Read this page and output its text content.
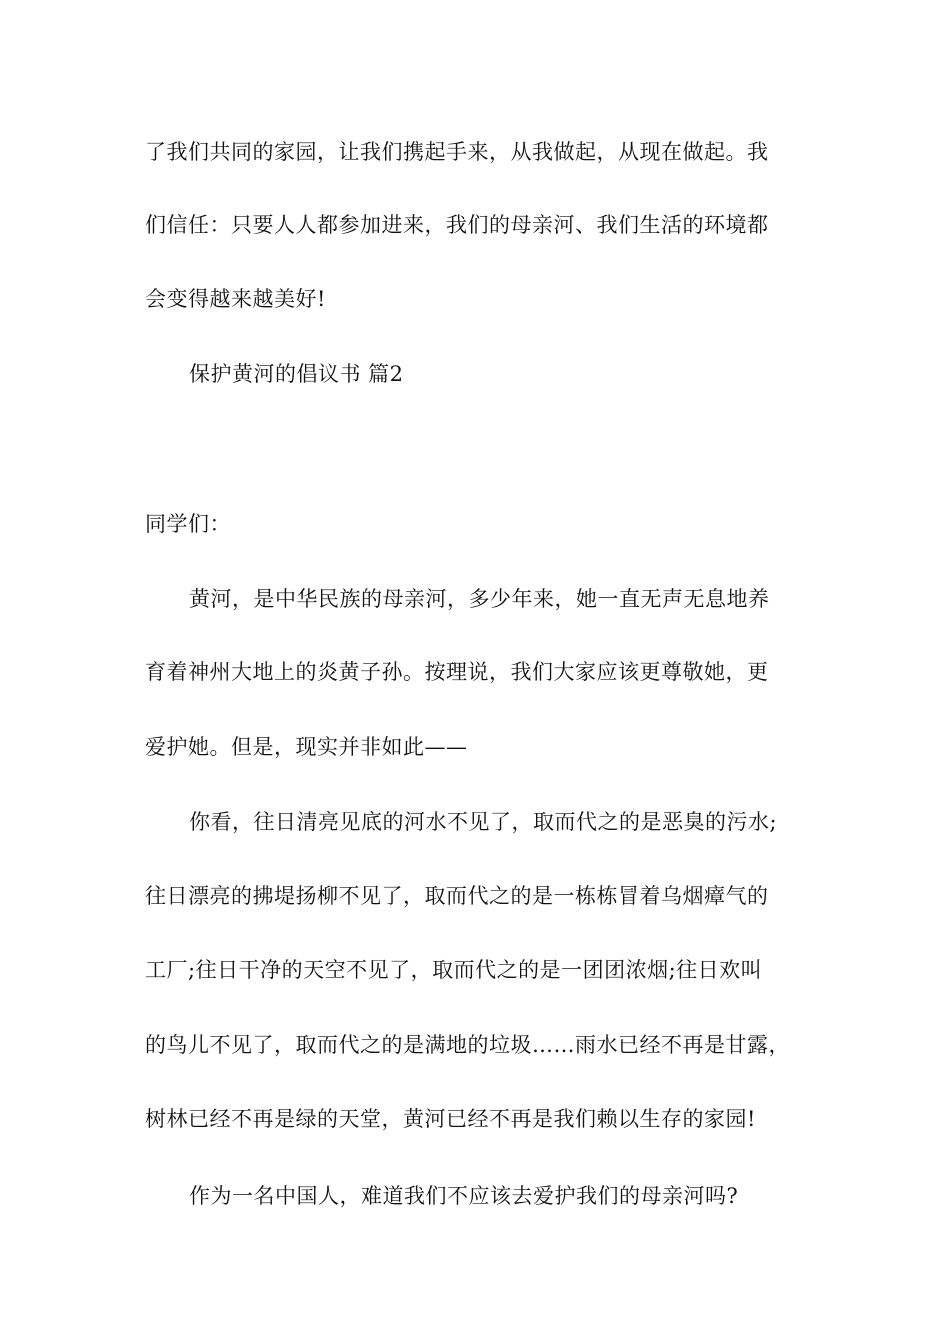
了我们共同的家园，让我们携起手来，从我做起，从现在做起。我
们信任：只要人人都参加进来，我们的母亲河、我们生活的环境都
会变得越来越美好!
保护黄河的倡议书 篇2
同学们：
黄河，是中华民族的母亲河，多少年来，她一直无声无息地养
育着神州大地上的炎黄子孙。按理说，我们大家应该更尊敬她，更
爱护她。但是，现实并非如此——
你看，往日清亮见底的河水不见了，取而代之的是恶臭的污水;
往日漂亮的拂堤扬柳不见了，取而代之的是一栋栋冒着乌烟瘴气的
工厂;往日干净的天空不见了，取而代之的是一团团浓烟;往日欢叫
的鸟儿不见了，取而代之的是满地的垃圾……雨水已经不再是甘露，
树林已经不再是绿的天堂，黄河已经不再是我们赖以生存的家园!
作为一名中国人，难道我们不应该去爱护我们的母亲河吗?
